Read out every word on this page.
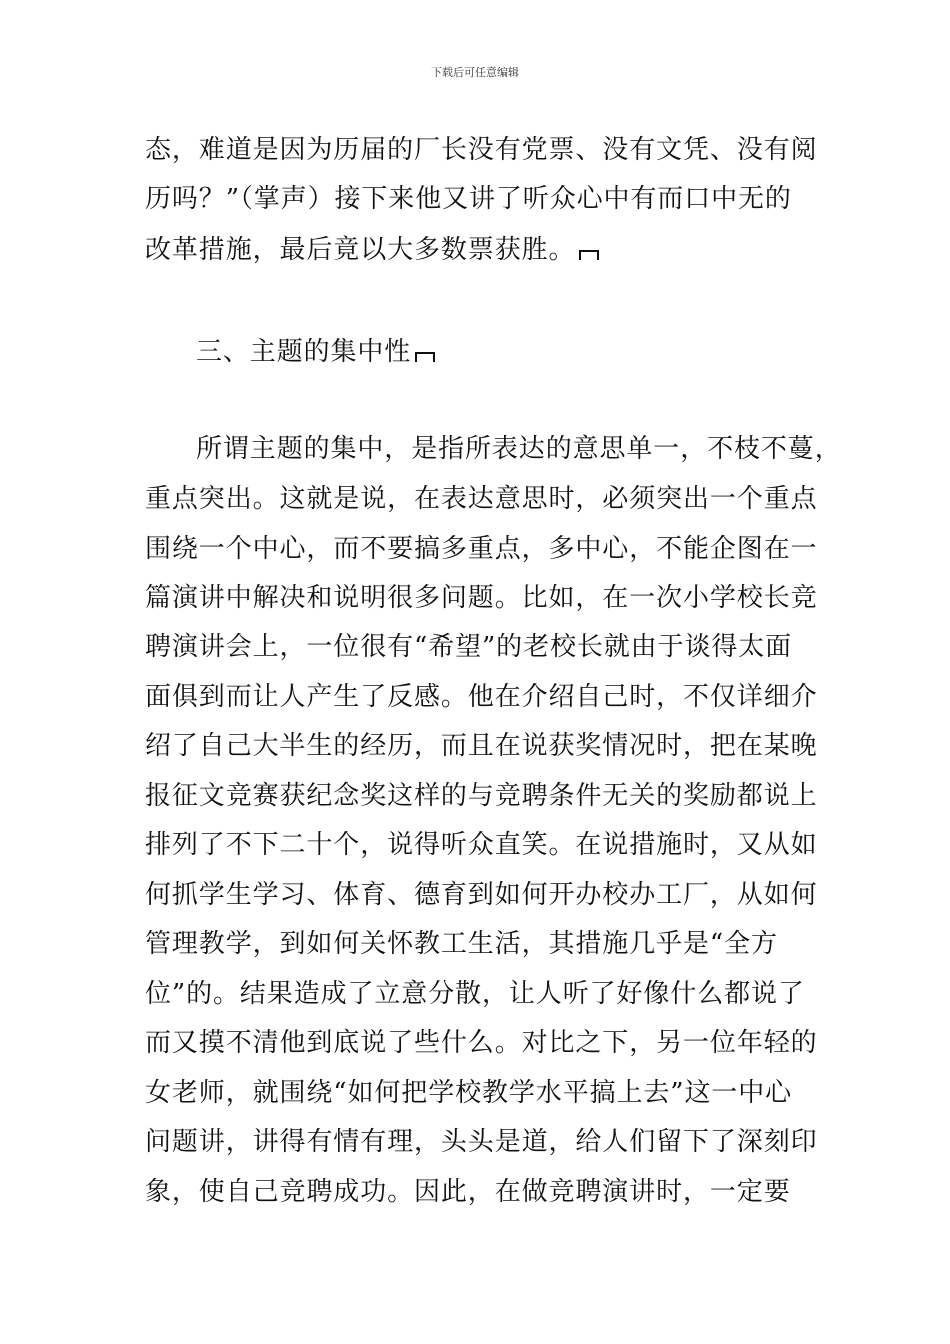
下载后可任意编辑
态，难道是因为历届的厂长没有党票、没有文凭、没有阅
历吗？”（掌声）接下来他又讲了听众心中有而口中无的
改革措施，最后竟以大多数票获胜。
三、主题的集中性
所谓主题的集中，是指所表达的意思单一，不枝不蔓，
重点突出。这就是说，在表达意思时，必须突出一个重点
围绕一个中心，而不要搞多重点，多中心，不能企图在一
篇演讲中解决和说明很多问题。比如，在一次小学校长竞
聘演讲会上，一位很有“希望”的老校长就由于谈得太面
面俱到而让人产生了反感。他在介绍自己时，不仅详细介
绍了自己大半生的经历，而且在说获奖情况时，把在某晚
报征文竞赛获纪念奖这样的与竞聘条件无关的奖励都说上
排列了不下二十个，说得听众直笑。在说措施时，又从如
何抓学生学习、体育、德育到如何开办校办工厂，从如何
管理教学，到如何关怀教工生活，其措施几乎是“全方
位”的。结果造成了立意分散，让人听了好像什么都说了
而又摸不清他到底说了些什么。对比之下，另一位年轻的
女老师，就围绕“如何把学校教学水平搞上去”这一中心
问题讲，讲得有情有理，头头是道，给人们留下了深刻印
象，使自己竞聘成功。因此，在做竞聘演讲时，一定要
